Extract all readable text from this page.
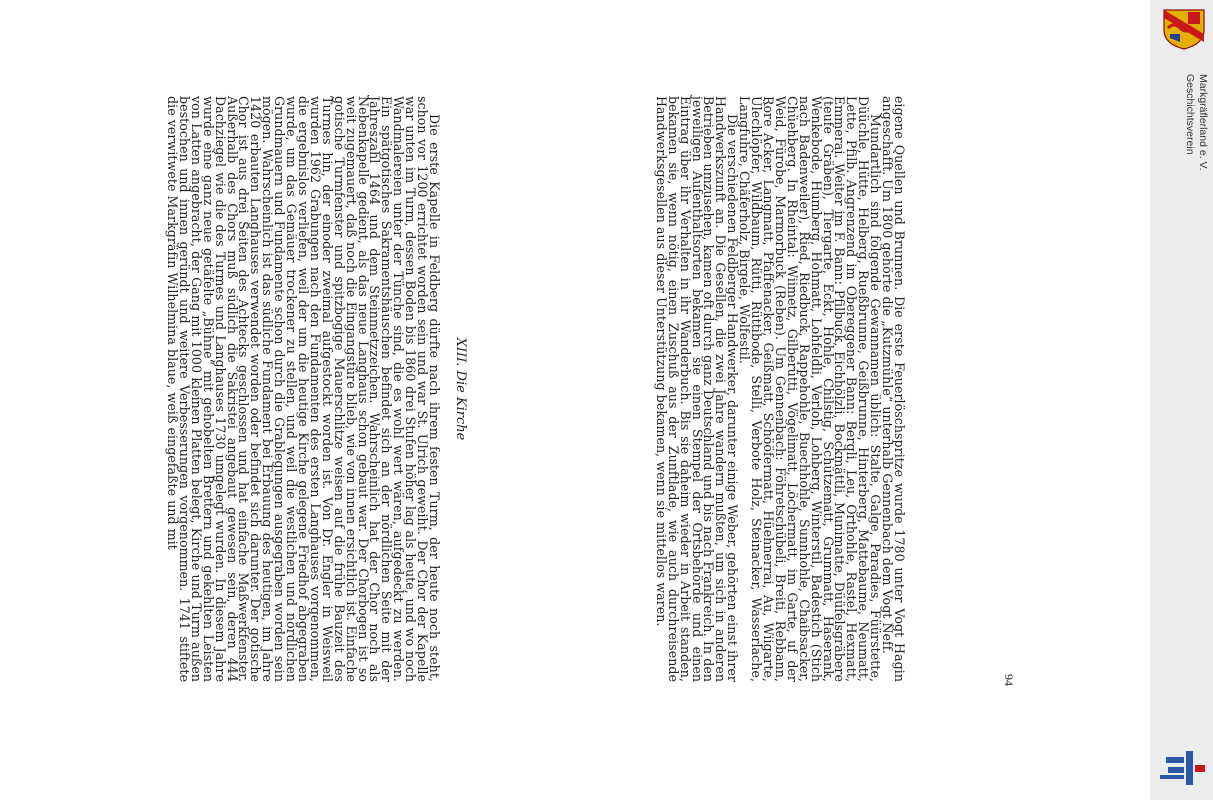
eigene Quellen und Brunnen. Die erste Feuerlöschspritze wurde 1780 unter Vogt Hagin angeschafft. Um 1800 gehörte die „Kutzmühle“ unterhalb Gennenbach dem Vogt Neff.

Mundartlich sind folgende Gewannamen üblich: Stalte, Galge, Paradies, Füürstette, Düüchle, Hütte, Helberg, Rueßbrunne, Geißbrunne, Hinterberg, Mattebaume, Neumatt, Lette, Pfilb. Angrenzend im Obereggener Bann: Bergli, Leu, Orthohle, Rastel, Hexmatt, Emmerai. Weiter im F. Bann: Pfilbuck, Eichhölzli, Bockmättli, Munimatte, Düüfelsgräbere (teufe Gräben), Tiergarte, Eckt, Hohle, Chilstig, Schützematt, Grummatt, Haserank, Wenkebode, Humberg, Hohmatt, Lohfeldli, Verloh, Lohberg, Winterstil, Badestich (Stich nach Badenweiler), Ried, Riedbuck, Rappehohle, Buechhohle, Sunnhohle, Chaibsacker, Chüehberg. In Rheintal: Wiimetz, Gilberütti, Vögelimatt, Löchermatt, im Garte, uf der Weid, Fürobe, Marmorbuck (Reben). Um Gennenbach: Föhretschübeli, Breiti, Rebbann, Rore Acker, Langmatt, Pfaffenacker, Geißmatt, Schööfermatt, Hüehnerrai, Au, Wiigarte, Ülechlöpfer, Wildbaum, Rütti, Rüttibode, Stelli, Verbote Holz, Steinacker, Wasserlache, Langfuhre, Chäferholz, Birgele, Wolfestil.

Die verschiedenen Feldberger Handwerker, darunter einige Weber, gehörten einst ihrer Handwerkszunft an. Die Gesellen, die zwei Jahre wandern mußten, um sich in anderen Betrieben umzusehen, kamen oft durch ganz Deutschland und bis nach Frankreich. In den jeweiligen Aufenthaltsorten bekamen sie einen Stempel der Ortsbehörde und einen Eintrag über ihr Verhalten in ihr Wanderbuch. Bis sie daheim wieder in Arbeit standen, bekamen sie, wenn nötig, einen Zuschuß aus der Zunftlade, wie auch durchreisende Handwerksgesellen aus dieser Unterstützung bekamen, wenn sie mittellos waren.

XIII. Die Kirche

Die erste Kapelle in Feldberg dürfte nach ihrem festen Turm, der heute noch steht, schon vor 1200 errichtet worden sein und war St. Ulrich geweiht. Der Chor der Kapelle war unten im Turm, dessen Boden bis 1860 drei Stufen höher lag als heute, und wo noch Wandmalereien unter der Tünche sind, die es wohl wert wären, aufgedeckt zu werden. Ein spätgotisches Sakramentshäuschen befindet sich an der nördlichen Seite mit der Jahreszahl 1464 und dem Steinmetzzeichen. Wahrscheinlich hat der Chor noch als Nebenkapelle gedient, als das neue Langhaus schon gebaut war. Der Chorbogen ist so weit zugemauert, daß noch die Eingangstüre blieb, wie von innen ersichtlich ist. Einfache gotische Turmfenster und spitzbogige Mauerschlitze weisen auf die frühe Bauzeit des Turmes hin, der einoder zweimal aufgestockt worden ist. Von Dr. Engler in Weisweil wurden 1962 Grabungen nach den Fundamenten des ersten Langhauses vorgenommen, die ergebnislos verliefen, weil der um die heutige Kirche gelegene Friedhof abgegraben wurde, um das Gemäuer trockener zu stellen, und weil die westlichen und nördlichen Grundmauern und Fundamente schon durch die Grablegungen ausgegraben worden sein mögen. Wahrscheinlich ist das südliche Fundament bei Erbauung des heutigen, im Jahre 1420 erbauten Langhauses verwendet worden oder befindet sich darunter. Der gotische Chor ist aus drei Seiten des Achtecks geschlossen und hat einfache Maßwerkfenster. Außerhalb des Chors muß südlich die Sakristei angebaut gewesen sein, deren 444 Dachziegel wie die des Turmes und Langhauses 1730 umgelegt wurden. In diesem Jahre wurde eine ganz neue getäfelte „Bühne“ mit gehobelten Brettern und gekehlten Leisten von Latten angebracht, der Gang mit 1000 kleinen Platten belegt, Kirche und Turm außen bestochen und innen geründt und weitere Verbesserungen vorgenommen. 1741 stiftete die verwitwete Markgräfin Wilhelmina blaue, weiß eingefaßte und mit

94
Geschichtsverein Markgräflerland e. V.
